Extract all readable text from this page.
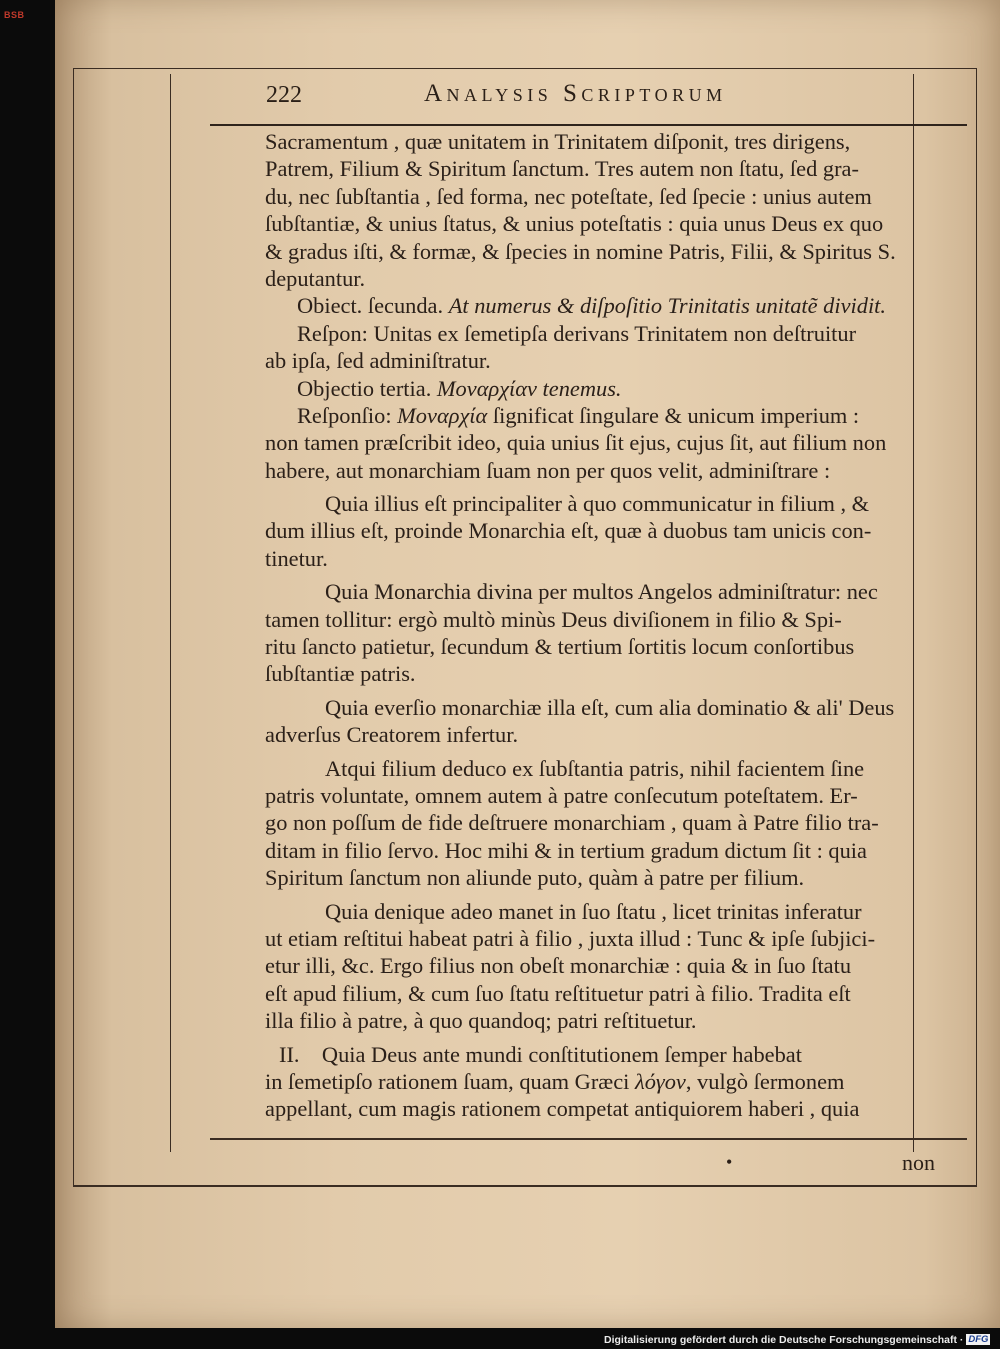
BSB
222	Analysis Scriptorum
Sacramentum , quæ unitatem in Trinitatem diſponit, tres dirigens,
Patrem, Filium & Spiritum ſanctum. Tres autem non ſtatu, ſed gra-
du, nec ſubſtantia , ſed forma, nec poteſtate, ſed ſpecie : unius autem
ſubſtantiæ, & unius ſtatus, & unius poteſtatis : quia unus Deus ex quo
& gradus iſti, & formæ, & ſpecies in nomine Patris, Filii, & Spiritus S.
deputantur.
Obiect. ſecunda. At numerus & diſpoſitio Trinitatis unitatẽ dividit.
Reſpon: Unitas ex ſemetipſa derivans Trinitatem non deſtruitur
ab ipſa, ſed adminiſtratur.
Objectio tertia. Μοναρχίαν tenemus.
Reſponſio: Μοναρχία ſignificat ſingulare & unicum imperium :
non tamen præſcribit ideo, quia unius ſit ejus, cujus ſit, aut filium non
habere, aut monarchiam ſuam non per quos velit, adminiſtrare :
Quia illius eſt principaliter à quo communicatur in filium , &
dum illius eſt, proinde Monarchia eſt, quæ à duobus tam unicis con-
tinetur.
Quia Monarchia divina per multos Angelos adminiſtratur: nec
tamen tollitur: ergò multò minùs Deus diviſionem in filio & Spi-
ritu ſancto patietur, ſecundum & tertium ſortitis locum conſortibus
ſubſtantiæ patris.
Quia everſio monarchiæ illa eſt, cum alia dominatio & ali' Deus
adverſus Creatorem infertur.
Atqui filium deduco ex ſubſtantia patris, nihil facientem ſine
patris voluntate, omnem autem à patre conſecutum poteſtatem. Er-
go non poſſum de fide deſtruere monarchiam , quam à Patre filio tra-
ditam in filio ſervo. Hoc mihi & in tertium gradum dictum ſit : quia
Spiritum ſanctum non aliunde puto, quàm à patre per filium.
Quia denique adeo manet in ſuo ſtatu , licet trinitas inferatur
ut etiam reſtitui habeat patri à filio , juxta illud : Tunc & ipſe ſubjici-
etur illi, &c. Ergo filius non obeſt monarchiæ : quia & in ſuo ſtatu
eſt apud filium, & cum ſuo ſtatu reſtituetur patri à filio. Tradita eſt
illa filio à patre, à quo quandoq; patri reſtituetur.
II. Quia Deus ante mundi conſtitutionem ſemper habebat
in ſemetipſo rationem ſuam, quam Græci λόγον, vulgò ſermonem
appellant, cum magis rationem competat antiquiorem haberi , quia
•	non
Digitalisierung gefördert durch die Deutsche Forschungsgemeinschaft · DFG
